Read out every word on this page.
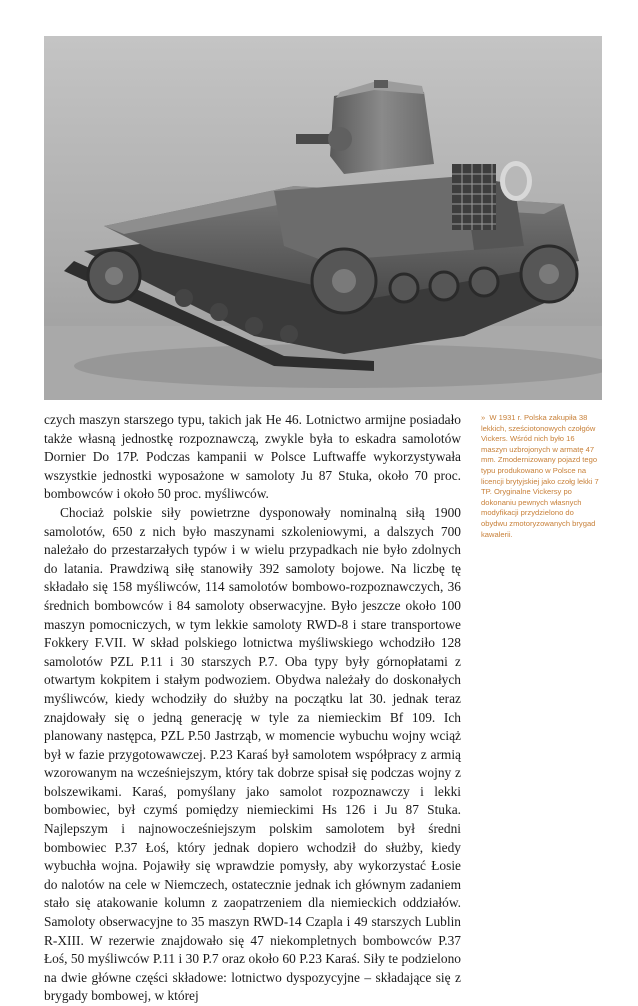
czych maszyn starszego typu, takich jak He 46. Lotnictwo armijne posiadało także własną jednostkę rozpoznawczą, zwykle była to eskadra samolotów Dornier Do 17P. Podczas kampanii w Polsce Luftwaffe wykorzystywała wszystkie jednostki wyposażone w samoloty Ju 87 Stuka, około 70 proc. bombowców i około 50 proc. myśliwców.

Chociaż polskie siły powietrzne dysponowały nominalną siłą 1900 samolotów, 650 z nich było maszynami szkoleniowymi, a dalszych 700 należało do przestarzałych typów i w wielu przypadkach nie było zdolnych do latania. Prawdziwą siłę stanowiły 392 samoloty bojowe. Na liczbę tę składało się 158 myśliwców, 114 samolotów bombowo-rozpoznawczych, 36 średnich bombowców i 84 samoloty obserwacyjne. Było jeszcze około 100 maszyn pomocniczych, w tym lekkie samoloty RWD-8 i stare transportowe Fokkery F.VII. W skład polskiego lotnictwa myśliwskiego wchodziło 128 samolotów PZL P.11 i 30 starszych P.7. Oba typy były górnopłatami z otwartym kokpitem i stałym podwoziem. Obydwa należały do doskonałych myśliwców, kiedy wchodziły do służby na początku lat 30. jednak teraz znajdowały się o jedną generację w tyle za niemieckim Bf 109. Ich planowany następca, PZL P.50 Jastrząb, w momencie wybuchu wojny wciąż był w fazie przygotowawczej. P.23 Karaś był samolotem współpracy z armią wzorowanym na wcześniejszym, który tak dobrze spisał się podczas wojny z bolszewikami. Karaś, pomyślany jako samolot rozpoznawczy i lekki bombowiec, był czymś pomiędzy niemieckimi Hs 126 i Ju 87 Stuka. Najlepszym i najnowocześniejszym polskim samolotem był średni bombowiec P.37 Łoś, który jednak dopiero wchodził do służby, kiedy wybuchła wojna. Pojawiły się wprawdzie pomysły, aby wykorzystać Łosie do nalotów na cele w Niemczech, ostatecznie jednak ich głównym zadaniem stało się atakowanie kolumn z zaopatrzeniem dla niemieckich oddziałów. Samoloty obserwacyjne to 35 maszyn RWD-14 Czapla i 49 starszych Lublin R-XIII. W rezerwie znajdowało się 47 niekompletnych bombowców P.37 Łoś, 50 myśliwców P.11 i 30 P.7 oraz około 60 P.23 Karaś. Siły te podzielono na dwie główne części składowe: lotnictwo dyspozycyjne – składające się z brygady bombowej, w której

» W 1931 r. Polska zakupiła 38 lekkich, sześciotonowych czołgów Vickers. Wśród nich było 16 maszyn uzbrojonych w armatę 47 mm. Zmodernizowany pojazd tego typu produkowano w Polsce na licencji brytyjskiej jako czołg lekki 7 TP. Oryginalne Vickersy po dokonaniu pewnych własnych modyfikacji przydzielono do obydwu zmotoryzowanych brygad kawalerii.
